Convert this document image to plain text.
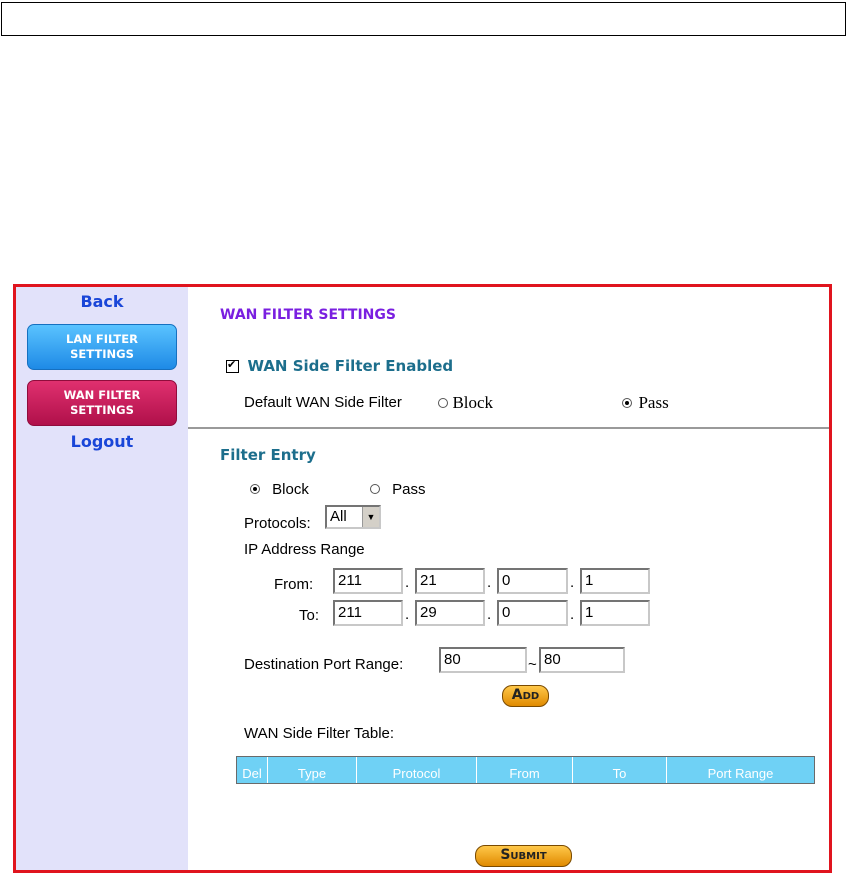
Back
LAN FILTER
SETTINGS
WAN FILTER
SETTINGS
Logout
WAN FILTER SETTINGS
✔ WAN Side Filter Enabled
Default WAN Side Filter	Block	Pass
Filter Entry
Block	Pass
Protocols: All	▼
IP Address Range
From:	211	. 21	. 0	. 1
To:	211	. 29	. 0	. 1
Destination Port Range:	80	~ 80
Add
WAN Side Filter Table:
Del	Type	Protocol	From	To	Port Range
Submit
